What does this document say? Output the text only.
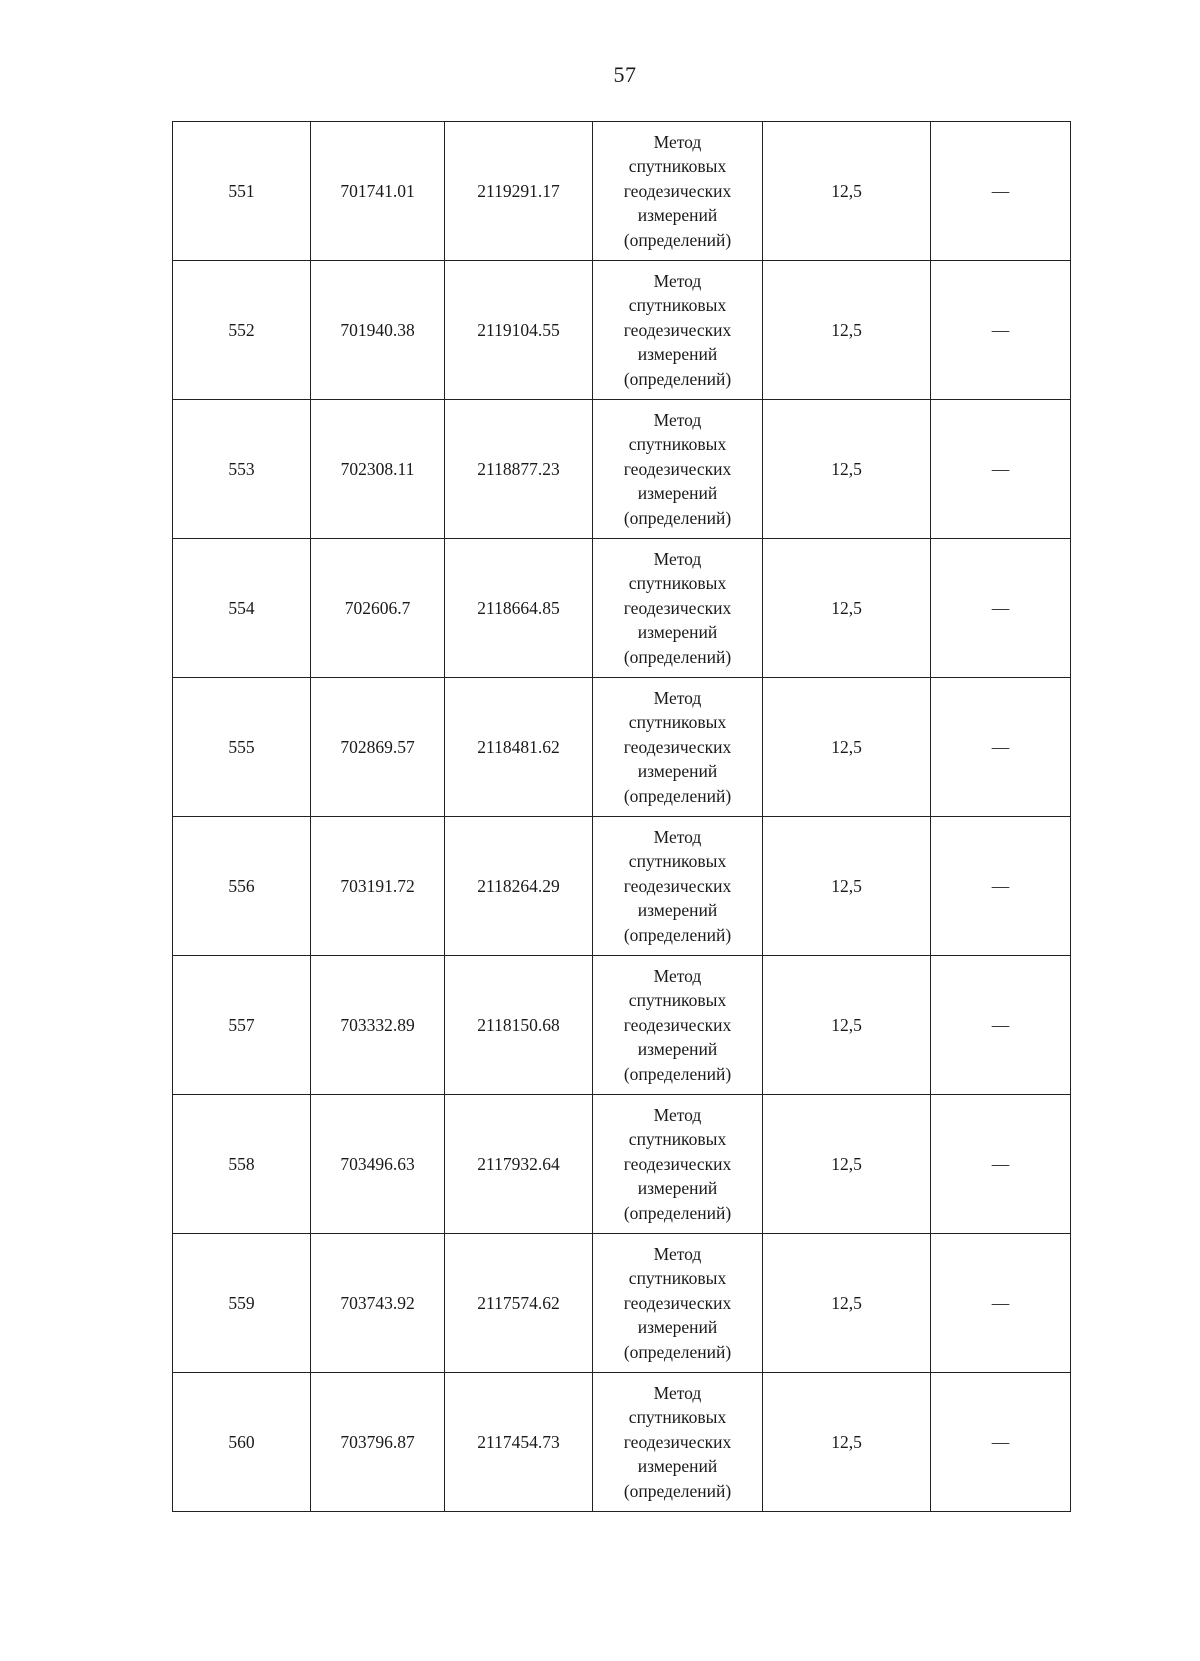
57
551	701741.01	2119291.17	Метод
спутниковых
геодезических
измерений
(определений)	12,5	—
552	701940.38	2119104.55	Метод
спутниковых
геодезических
измерений
(определений)	12,5	—
553	702308.11	2118877.23	Метод
спутниковых
геодезических
измерений
(определений)	12,5	—
554	702606.7	2118664.85	Метод
спутниковых
геодезических
измерений
(определений)	12,5	—
555	702869.57	2118481.62	Метод
спутниковых
геодезических
измерений
(определений)	12,5	—
556	703191.72	2118264.29	Метод
спутниковых
геодезических
измерений
(определений)	12,5	—
557	703332.89	2118150.68	Метод
спутниковых
геодезических
измерений
(определений)	12,5	—
558	703496.63	2117932.64	Метод
спутниковых
геодезических
измерений
(определений)	12,5	—
559	703743.92	2117574.62	Метод
спутниковых
геодезических
измерений
(определений)	12,5	—
560	703796.87	2117454.73	Метод
спутниковых
геодезических
измерений
(определений)	12,5	—
